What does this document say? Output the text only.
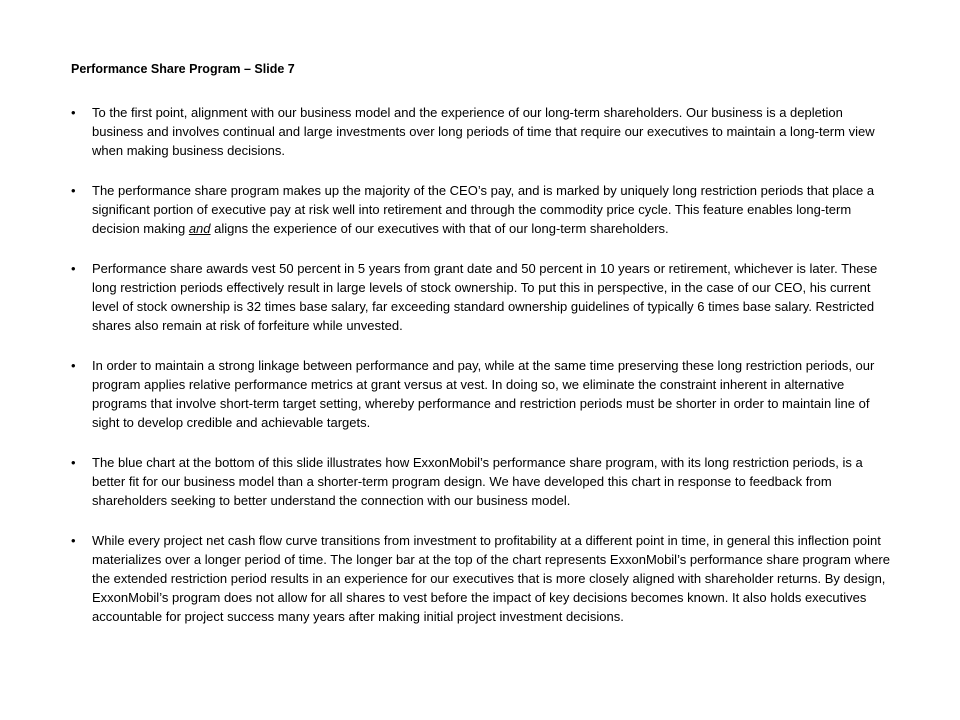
Performance Share Program – Slide 7
• To the first point, alignment with our business model and the experience of our long-term shareholders. Our business is a depletion business and involves continual and large investments over long periods of time that require our executives to maintain a long-term view when making business decisions.
• The performance share program makes up the majority of the CEO’s pay, and is marked by uniquely long restriction periods that place a significant portion of executive pay at risk well into retirement and through the commodity price cycle. This feature enables long-term decision making and aligns the experience of our executives with that of our long-term shareholders.
• Performance share awards vest 50 percent in 5 years from grant date and 50 percent in 10 years or retirement, whichever is later. These long restriction periods effectively result in large levels of stock ownership. To put this in perspective, in the case of our CEO, his current level of stock ownership is 32 times base salary, far exceeding standard ownership guidelines of typically 6 times base salary. Restricted shares also remain at risk of forfeiture while unvested.
• In order to maintain a strong linkage between performance and pay, while at the same time preserving these long restriction periods, our program applies relative performance metrics at grant versus at vest. In doing so, we eliminate the constraint inherent in alternative programs that involve short-term target setting, whereby performance and restriction periods must be shorter in order to maintain line of sight to develop credible and achievable targets.
• The blue chart at the bottom of this slide illustrates how ExxonMobil’s performance share program, with its long restriction periods, is a better fit for our business model than a shorter-term program design. We have developed this chart in response to feedback from shareholders seeking to better understand the connection with our business model.
• While every project net cash flow curve transitions from investment to profitability at a different point in time, in general this inflection point materializes over a longer period of time. The longer bar at the top of the chart represents ExxonMobil’s performance share program where the extended restriction period results in an experience for our executives that is more closely aligned with shareholder returns. By design, ExxonMobil’s program does not allow for all shares to vest before the impact of key decisions becomes known. It also holds executives accountable for project success many years after making initial project investment decisions.
